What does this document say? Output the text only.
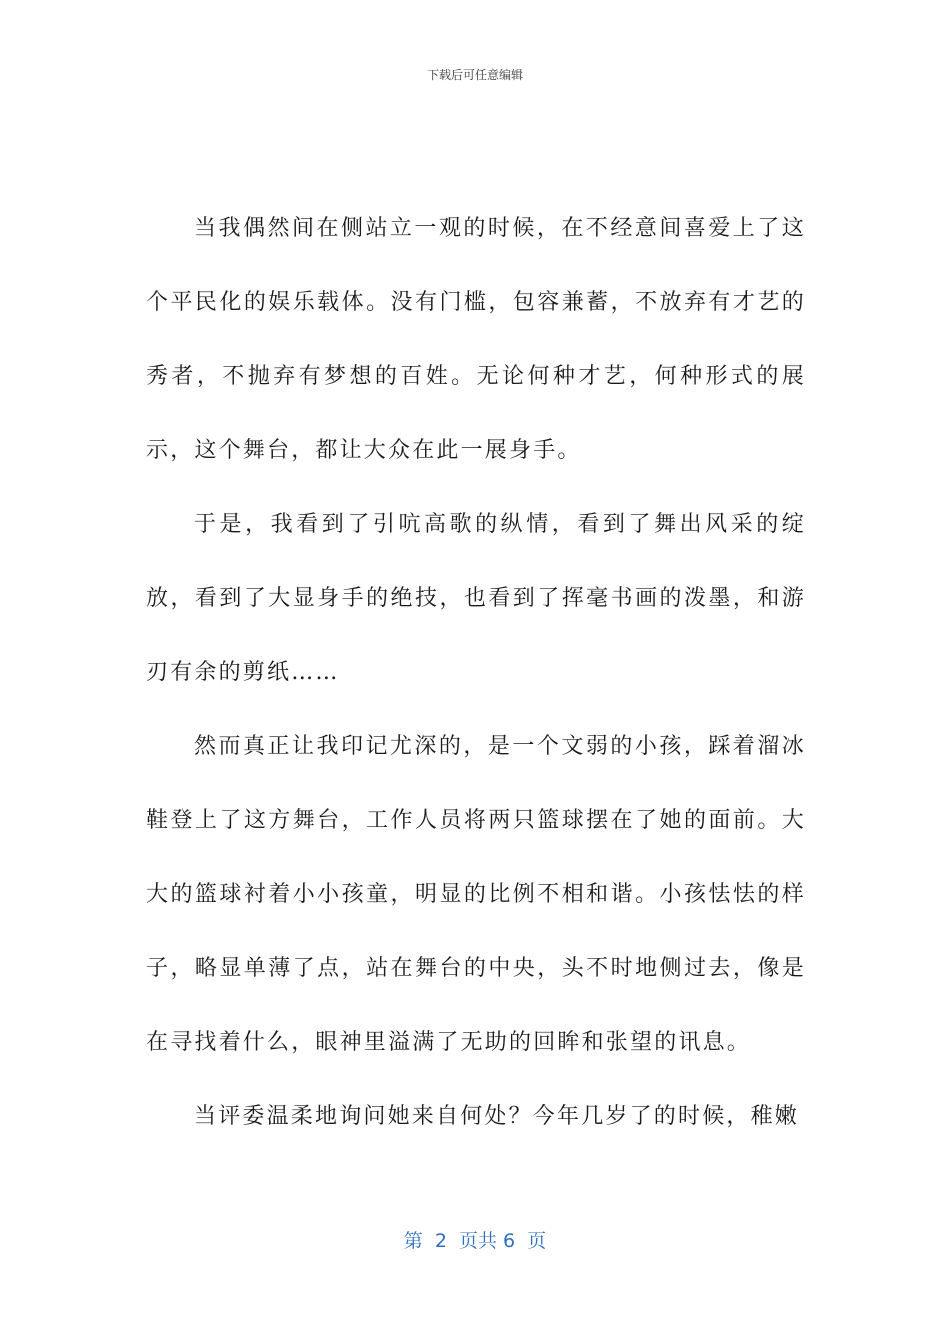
下载后可任意编辑

当我偶然间在侧站立一观的时候，在不经意间喜爱上了这个平民化的娱乐载体。没有门槛，包容兼蓄，不放弃有才艺的秀者，不抛弃有梦想的百姓。无论何种才艺，何种形式的展示，这个舞台，都让大众在此一展身手。

于是，我看到了引吭高歌的纵情，看到了舞出风采的绽放，看到了大显身手的绝技，也看到了挥毫书画的泼墨，和游刃有余的剪纸……

然而真正让我印记尤深的，是一个文弱的小孩，踩着溜冰鞋登上了这方舞台，工作人员将两只篮球摆在了她的面前。大大的篮球衬着小小孩童，明显的比例不相和谐。小孩怯怯的样子，略显单薄了点，站在舞台的中央，头不时地侧过去，像是在寻找着什么，眼神里溢满了无助的回眸和张望的讯息。

当评委温柔地询问她来自何处？今年几岁了的时候，稚嫩

第  2  页共 6  页
